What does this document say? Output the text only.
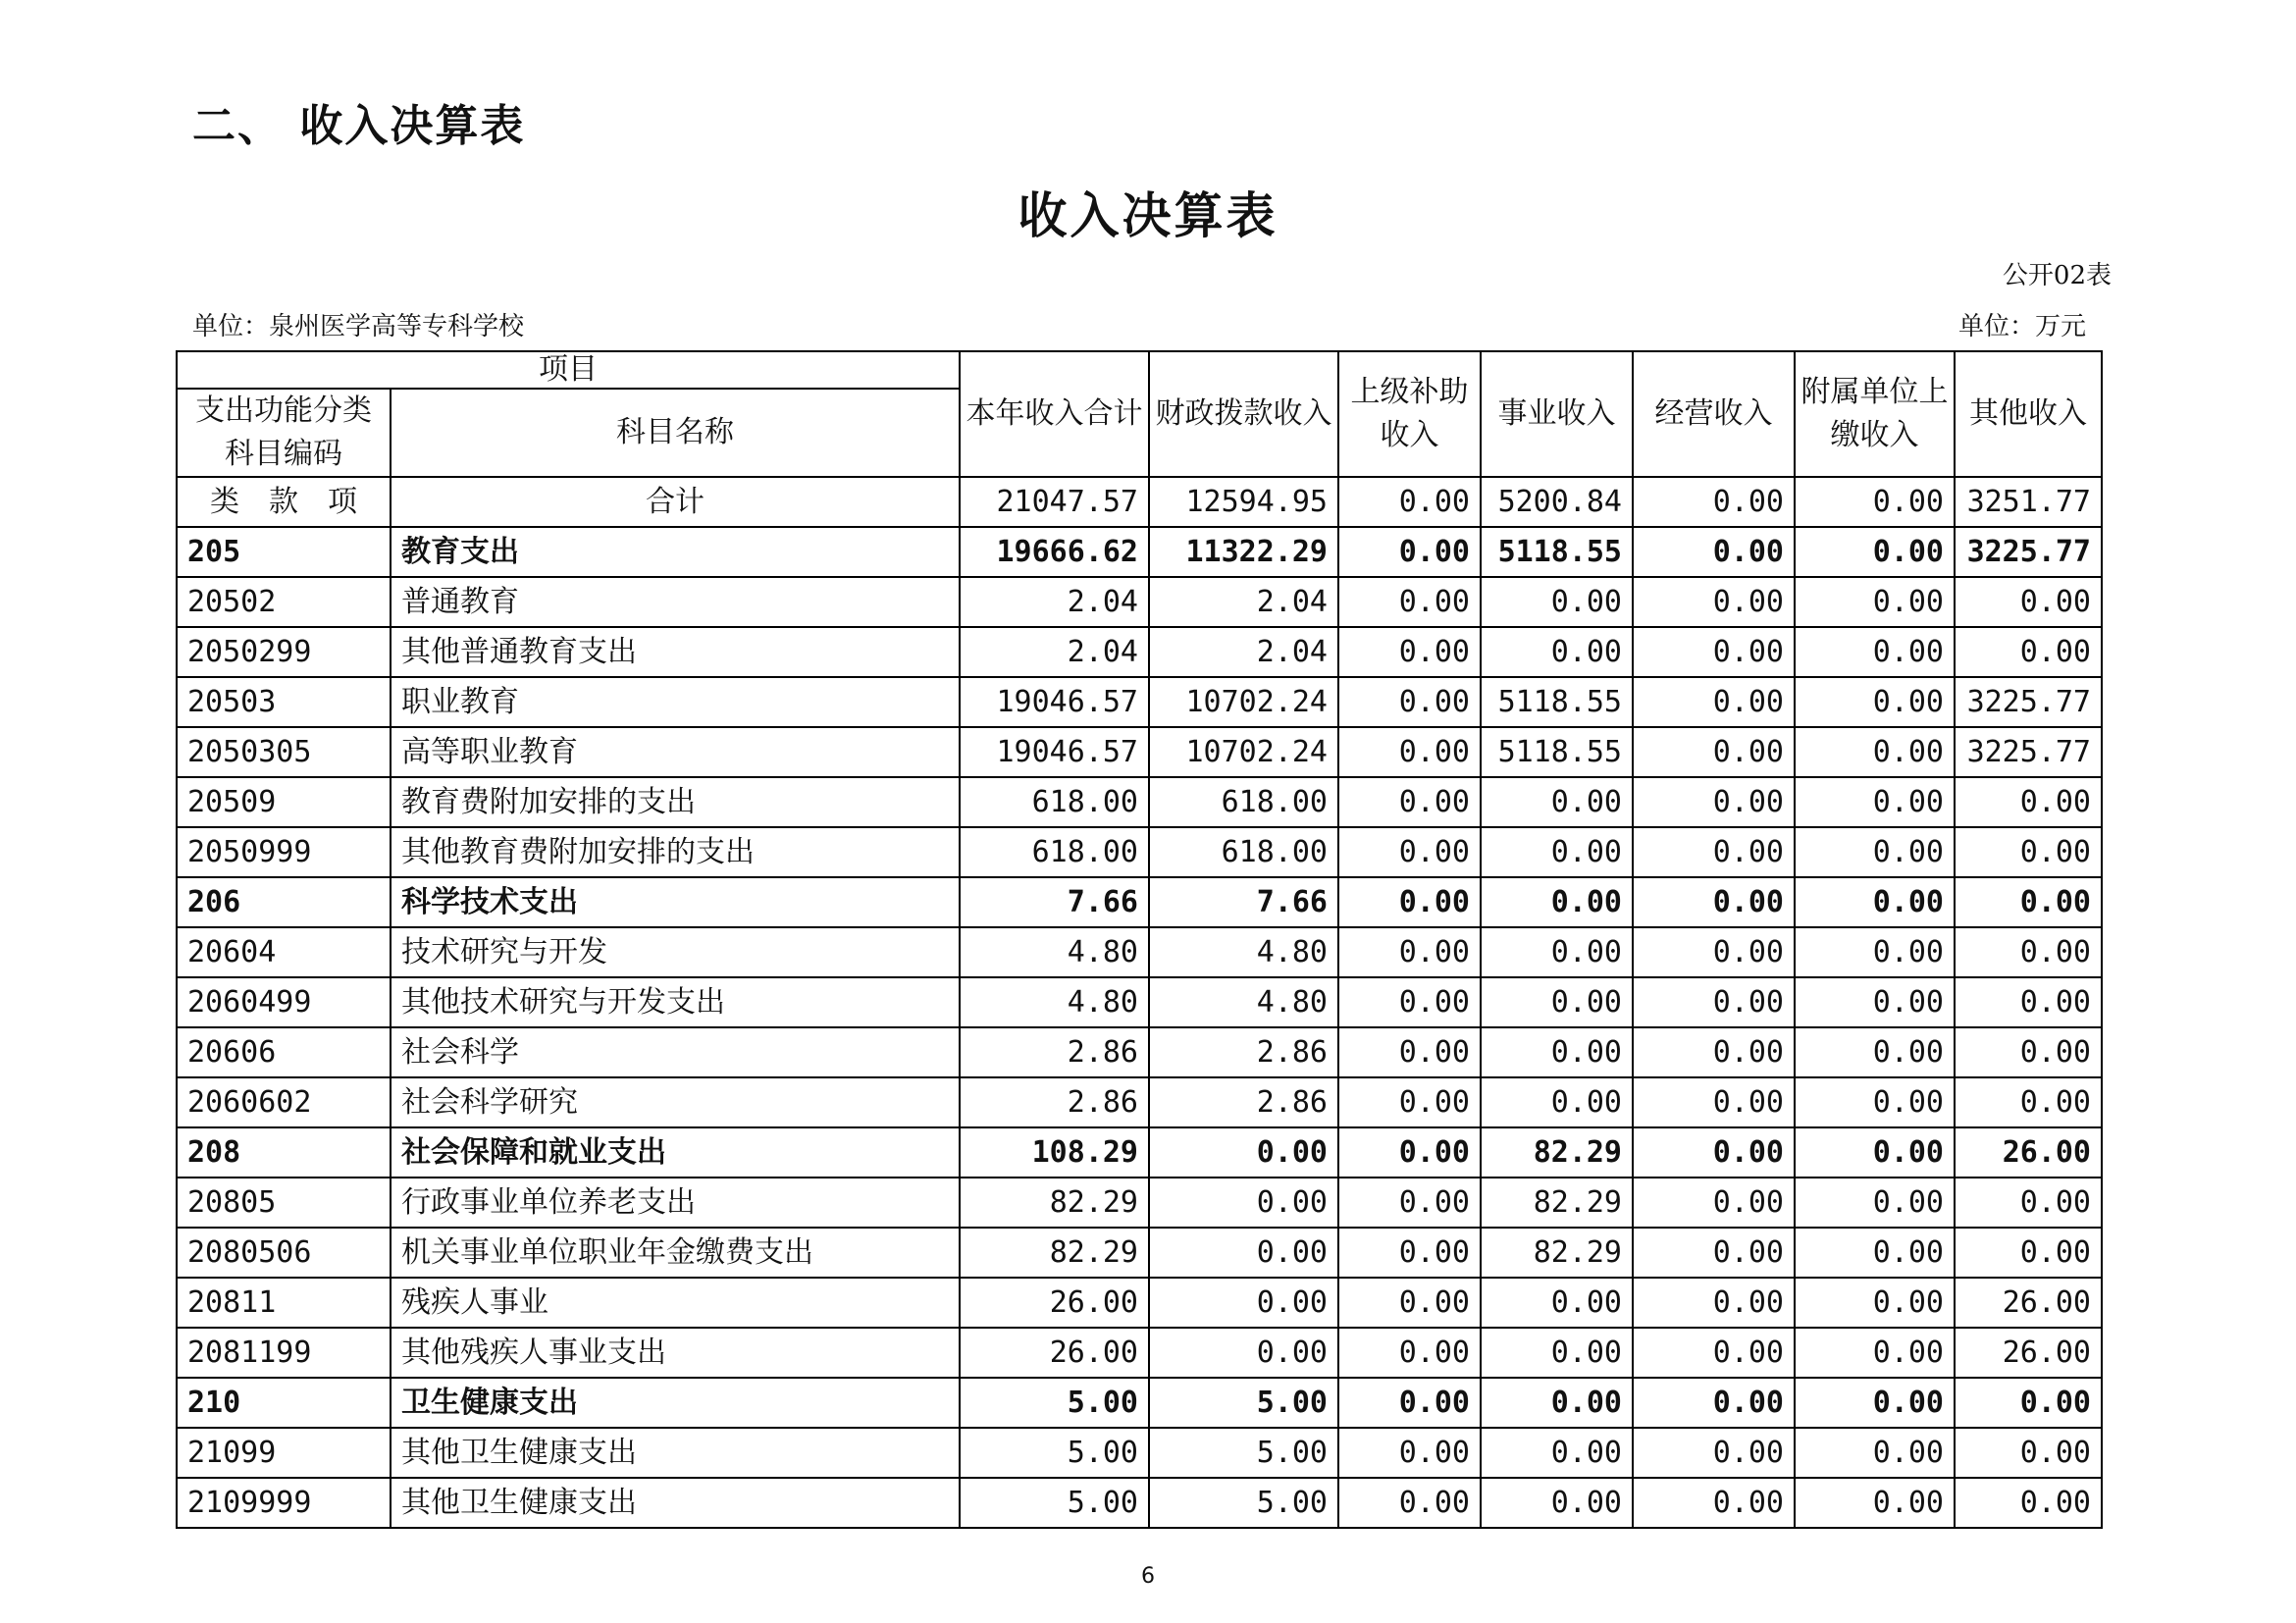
二、 收入决算表
收入决算表
公开02表
单位：泉州医学高等专科学校	单位：万元
项目		本年收入合计	财政拨款收入	上级补助收入	事业收入	经营收入	附属单位上缴收入	其他收入
支出功能分类科目编码	科目名称							
类　款　项	合计	21047.57	12594.95	0.00	5200.84	0.00	0.00	3251.77
205	教育支出	19666.62	11322.29	0.00	5118.55	0.00	0.00	3225.77
20502	普通教育	2.04	2.04	0.00	0.00	0.00	0.00	0.00
2050299	其他普通教育支出	2.04	2.04	0.00	0.00	0.00	0.00	0.00
20503	职业教育	19046.57	10702.24	0.00	5118.55	0.00	0.00	3225.77
2050305	高等职业教育	19046.57	10702.24	0.00	5118.55	0.00	0.00	3225.77
20509	教育费附加安排的支出	618.00	618.00	0.00	0.00	0.00	0.00	0.00
2050999	其他教育费附加安排的支出	618.00	618.00	0.00	0.00	0.00	0.00	0.00
206	科学技术支出	7.66	7.66	0.00	0.00	0.00	0.00	0.00
20604	技术研究与开发	4.80	4.80	0.00	0.00	0.00	0.00	0.00
2060499	其他技术研究与开发支出	4.80	4.80	0.00	0.00	0.00	0.00	0.00
20606	社会科学	2.86	2.86	0.00	0.00	0.00	0.00	0.00
2060602	社会科学研究	2.86	2.86	0.00	0.00	0.00	0.00	0.00
208	社会保障和就业支出	108.29	0.00	0.00	82.29	0.00	0.00	26.00
20805	行政事业单位养老支出	82.29	0.00	0.00	82.29	0.00	0.00	0.00
2080506	机关事业单位职业年金缴费支出	82.29	0.00	0.00	82.29	0.00	0.00	0.00
20811	残疾人事业	26.00	0.00	0.00	0.00	0.00	0.00	26.00
2081199	其他残疾人事业支出	26.00	0.00	0.00	0.00	0.00	0.00	26.00
210	卫生健康支出	5.00	5.00	0.00	0.00	0.00	0.00	0.00
21099	其他卫生健康支出	5.00	5.00	0.00	0.00	0.00	0.00	0.00
2109999	其他卫生健康支出	5.00	5.00	0.00	0.00	0.00	0.00	0.00
6
